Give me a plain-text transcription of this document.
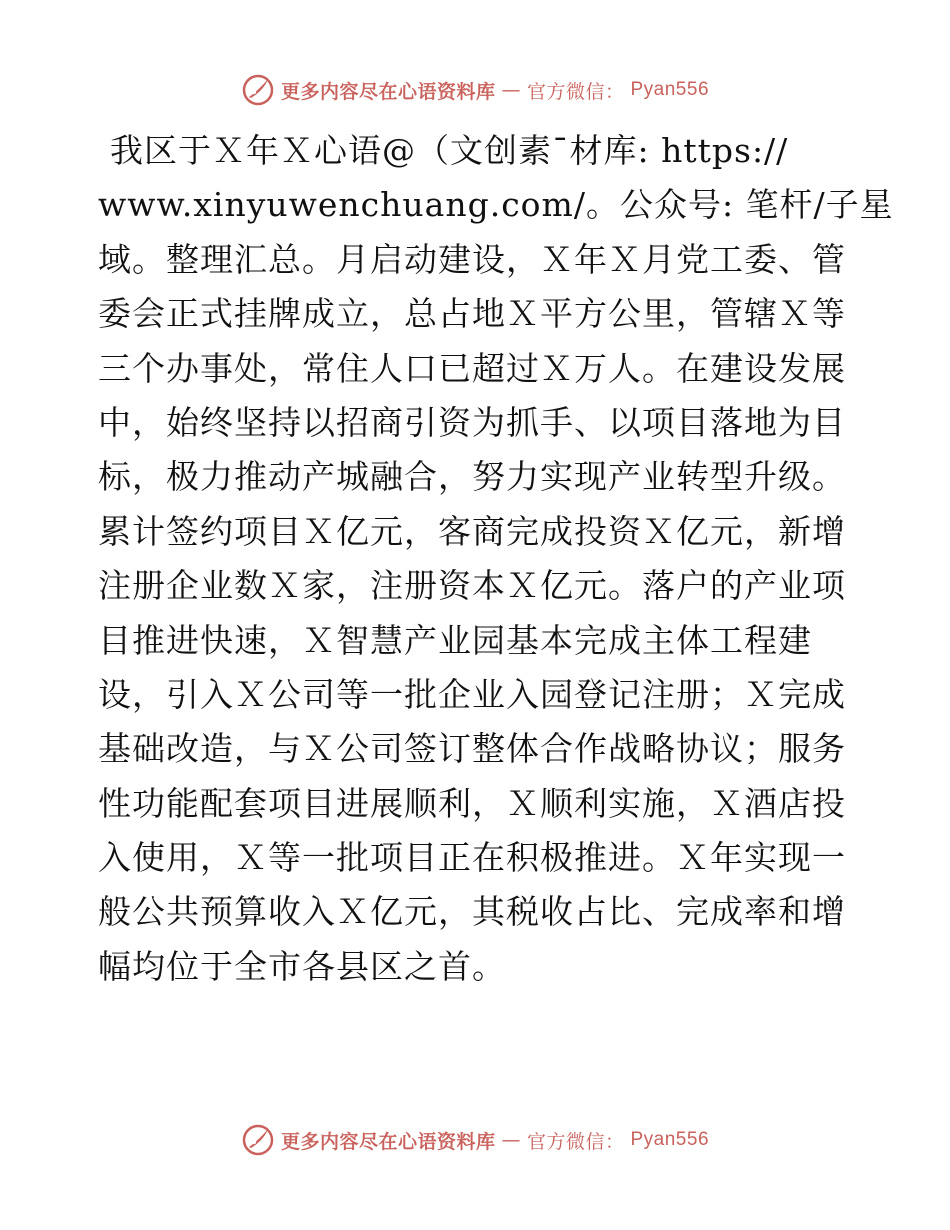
更多内容尽在心语资料库 — 官方微信： Pyan556
我区于Ｘ年Ｘ心语@（文创素¯材库: https://
www.xinyuwenchuang.com/。公众号: 笔杆/子星
域。整理汇总。月启动建设，Ｘ年Ｘ月党工委、管
委会正式挂牌成立，总占地Ｘ平方公里，管辖Ｘ等
三个办事处，常住人口已超过Ｘ万人。在建设发展
中，始终坚持以招商引资为抓手、以项目落地为目
标，极力推动产城融合，努力实现产业转型升级。
累计签约项目Ｘ亿元，客商完成投资Ｘ亿元，新增
注册企业数Ｘ家，注册资本Ｘ亿元。落户的产业项
目推进快速，Ｘ智慧产业园基本完成主体工程建
设，引入Ｘ公司等一批企业入园登记注册；Ｘ完成
基础改造，与Ｘ公司签订整体合作战略协议；服务
性功能配套项目进展顺利，Ｘ顺利实施，Ｘ酒店投
入使用，Ｘ等一批项目正在积极推进。Ｘ年实现一
般公共预算收入Ｘ亿元，其税收占比、完成率和增
幅均位于全市各县区之首。
更多内容尽在心语资料库 — 官方微信： Pyan556
